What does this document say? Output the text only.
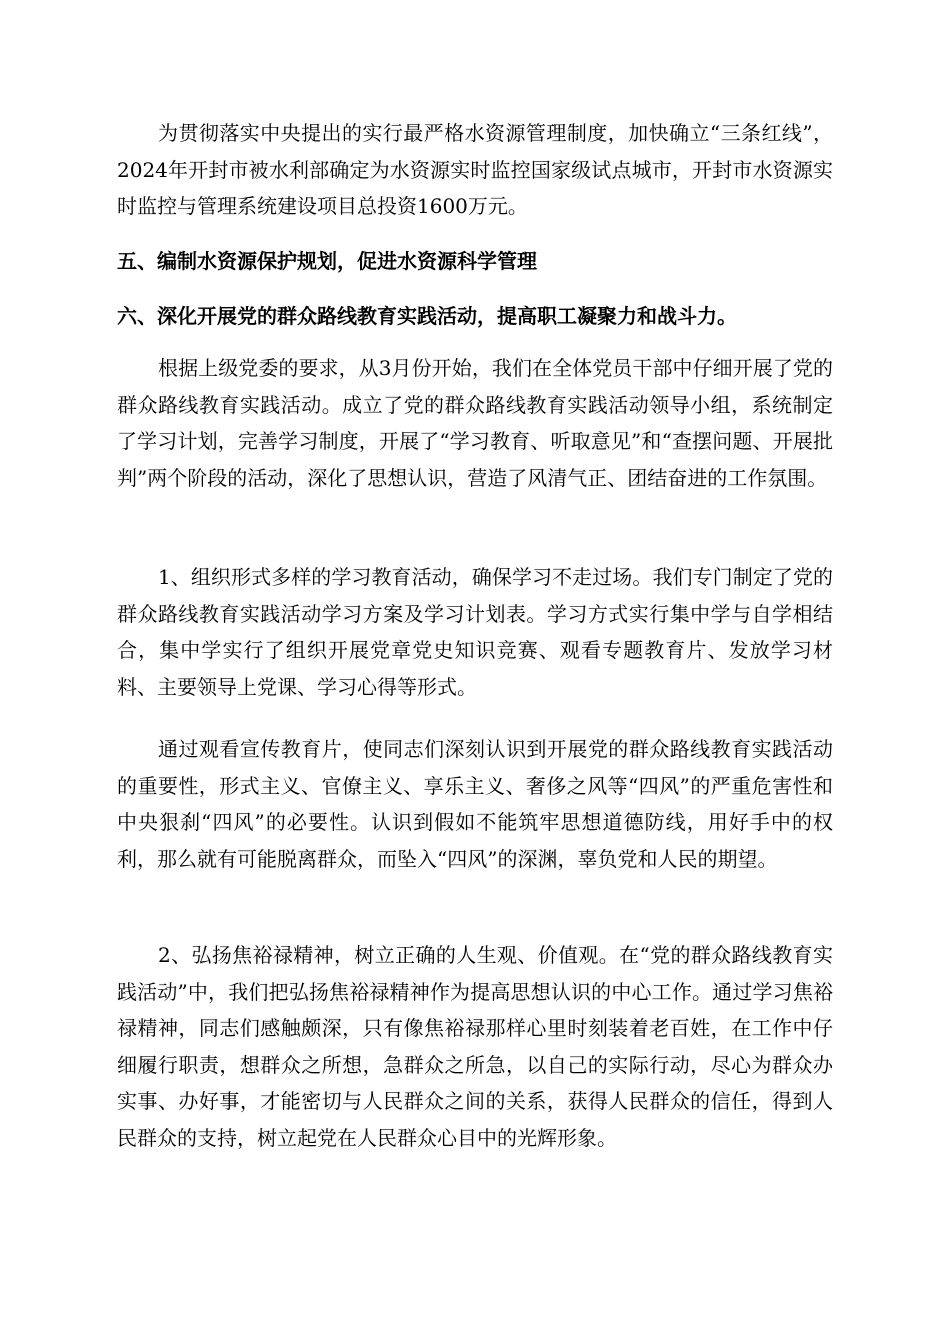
为贯彻落实中央提出的实行最严格水资源管理制度，加快确立“三条红线”，2024年开封市被水利部确定为水资源实时监控国家级试点城市，开封市水资源实时监控与管理系统建设项目总投资1600万元。

五、编制水资源保护规划，促进水资源科学管理
六、深化开展党的群众路线教育实践活动，提高职工凝聚力和战斗力。

根据上级党委的要求，从3月份开始，我们在全体党员干部中仔细开展了党的群众路线教育实践活动。成立了党的群众路线教育实践活动领导小组，系统制定了学习计划，完善学习制度，开展了“学习教育、听取意见”和“查摆问题、开展批判”两个阶段的活动，深化了思想认识，营造了风清气正、团结奋进的工作氛围。

1、组织形式多样的学习教育活动，确保学习不走过场。我们专门制定了党的群众路线教育实践活动学习方案及学习计划表。学习方式实行集中学与自学相结合，集中学实行了组织开展党章党史知识竞赛、观看专题教育片、发放学习材料、主要领导上党课、学习心得等形式。

通过观看宣传教育片，使同志们深刻认识到开展党的群众路线教育实践活动的重要性，形式主义、官僚主义、享乐主义、奢侈之风等“四风”的严重危害性和中央狠刹“四风”的必要性。认识到假如不能筑牢思想道德防线，用好手中的权利，那么就有可能脱离群众，而坠入“四风”的深渊，辜负党和人民的期望。

2、弘扬焦裕禄精神，树立正确的人生观、价值观。在“党的群众路线教育实践活动”中，我们把弘扬焦裕禄精神作为提高思想认识的中心工作。通过学习焦裕禄精神，同志们感触颇深，只有像焦裕禄那样心里时刻装着老百姓，在工作中仔细履行职责，想群众之所想，急群众之所急，以自己的实际行动，尽心为群众办实事、办好事，才能密切与人民群众之间的关系，获得人民群众的信任，得到人民群众的支持，树立起党在人民群众心目中的光辉形象。
